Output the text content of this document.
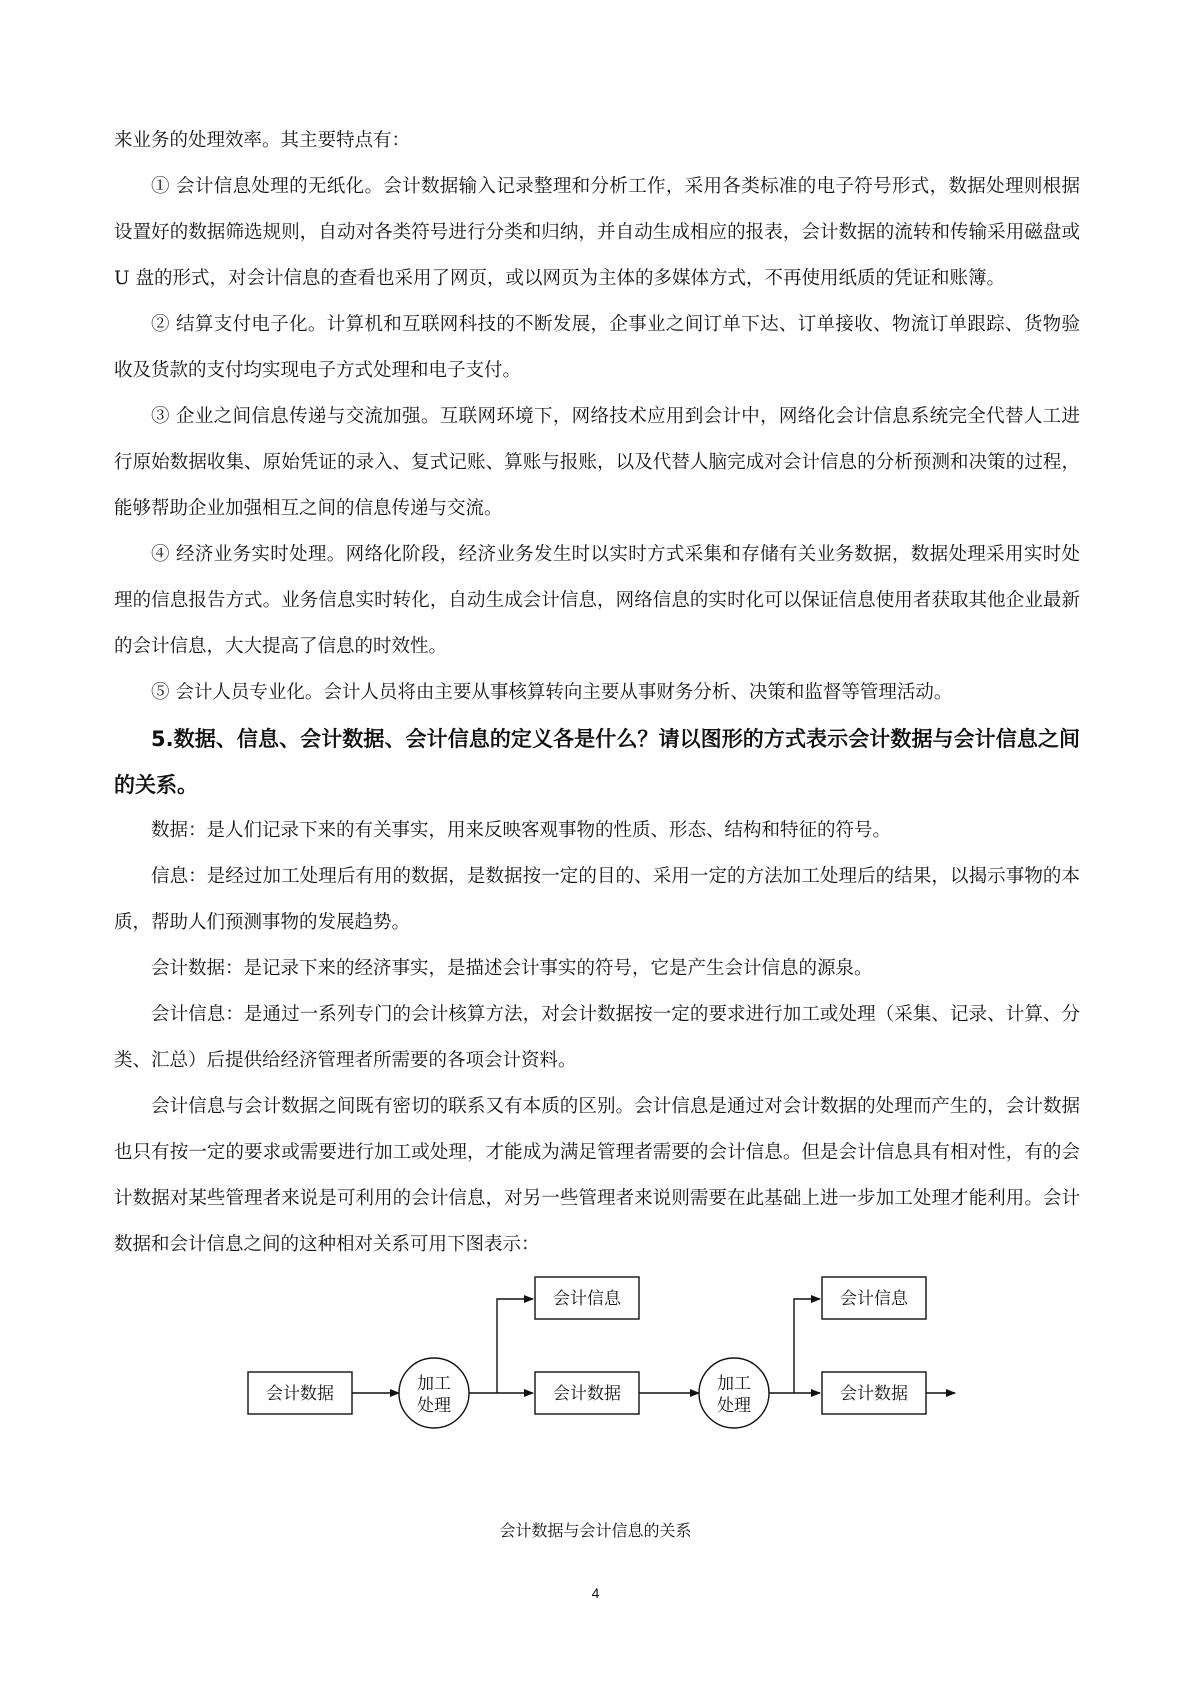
来业务的处理效率。其主要特点有：

① 会计信息处理的无纸化。会计数据输入记录整理和分析工作，采用各类标准的电子符号形式，数据处理则根据设置好的数据筛选规则，自动对各类符号进行分类和归纳，并自动生成相应的报表，会计数据的流转和传输采用磁盘或 U 盘的形式，对会计信息的查看也采用了网页，或以网页为主体的多媒体方式，不再使用纸质的凭证和账簿。

② 结算支付电子化。计算机和互联网科技的不断发展，企事业之间订单下达、订单接收、物流订单跟踪、货物验收及货款的支付均实现电子方式处理和电子支付。

③ 企业之间信息传递与交流加强。互联网环境下，网络技术应用到会计中，网络化会计信息系统完全代替人工进行原始数据收集、原始凭证的录入、复式记账、算账与报账，以及代替人脑完成对会计信息的分析预测和决策的过程，能够帮助企业加强相互之间的信息传递与交流。

④ 经济业务实时处理。网络化阶段，经济业务发生时以实时方式采集和存储有关业务数据，数据处理采用实时处理的信息报告方式。业务信息实时转化，自动生成会计信息，网络信息的实时化可以保证信息使用者获取其他企业最新的会计信息，大大提高了信息的时效性。

⑤ 会计人员专业化。会计人员将由主要从事核算转向主要从事财务分析、决策和监督等管理活动。

5.数据、信息、会计数据、会计信息的定义各是什么？请以图形的方式表示会计数据与会计信息之间的关系。

数据：是人们记录下来的有关事实，用来反映客观事物的性质、形态、结构和特征的符号。

信息：是经过加工处理后有用的数据，是数据按一定的目的、采用一定的方法加工处理后的结果，以揭示事物的本质，帮助人们预测事物的发展趋势。

会计数据：是记录下来的经济事实，是描述会计事实的符号，它是产生会计信息的源泉。

会计信息：是通过一系列专门的会计核算方法，对会计数据按一定的要求进行加工或处理（采集、记录、计算、分类、汇总）后提供给经济管理者所需要的各项会计资料。

会计信息与会计数据之间既有密切的联系又有本质的区别。会计信息是通过对会计数据的处理而产生的，会计数据也只有按一定的要求或需要进行加工或处理，才能成为满足管理者需要的会计信息。但是会计信息具有相对性，有的会计数据对某些管理者来说是可利用的会计信息，对另一些管理者来说则需要在此基础上进一步加工处理才能利用。会计数据和会计信息之间的这种相对关系可用下图表示：

会计数据	加工
处理
会计信息
会计数据	加工
处理
会计信息
会计数据
会计数据与会计信息的关系
4
